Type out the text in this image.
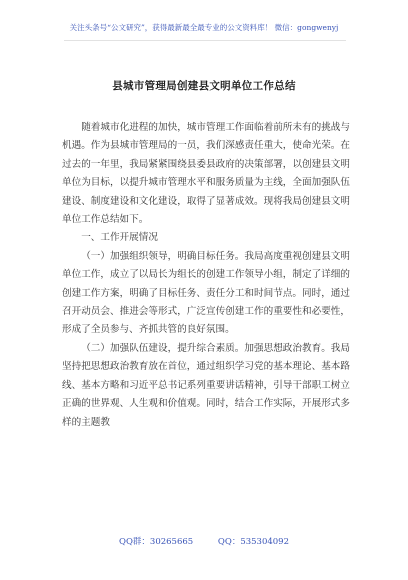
关注头条号“公文研究”，获得最新最全最专业的公文资料库！ 微信：gongwenyj
县城市管理局创建县文明单位工作总结

随着城市化进程的加快，城市管理工作面临着前所未有的挑战与机遇。作为县城市管理局的一员，我们深感责任重大，使命光荣。在过去的一年里，我局紧紧围绕县委县政府的决策部署，以创建县文明单位为目标，以提升城市管理水平和服务质量为主线，全面加强队伍建设、制度建设和文化建设，取得了显著成效。现将我局创建县文明单位工作总结如下。

一、工作开展情况

（一）加强组织领导，明确目标任务。我局高度重视创建县文明单位工作，成立了以局长为组长的创建工作领导小组，制定了详细的创建工作方案，明确了目标任务、责任分工和时间节点。同时，通过召开动员会、推进会等形式，广泛宣传创建工作的重要性和必要性，形成了全员参与、齐抓共管的良好氛围。

（二）加强队伍建设，提升综合素质。加强思想政治教育。我局坚持把思想政治教育放在首位，通过组织学习党的基本理论、基本路线、基本方略和习近平总书记系列重要讲话精神，引导干部职工树立正确的世界观、人生观和价值观。同时，结合工作实际，开展形式多样的主题教

QQ群：30265665	QQ：535304092
